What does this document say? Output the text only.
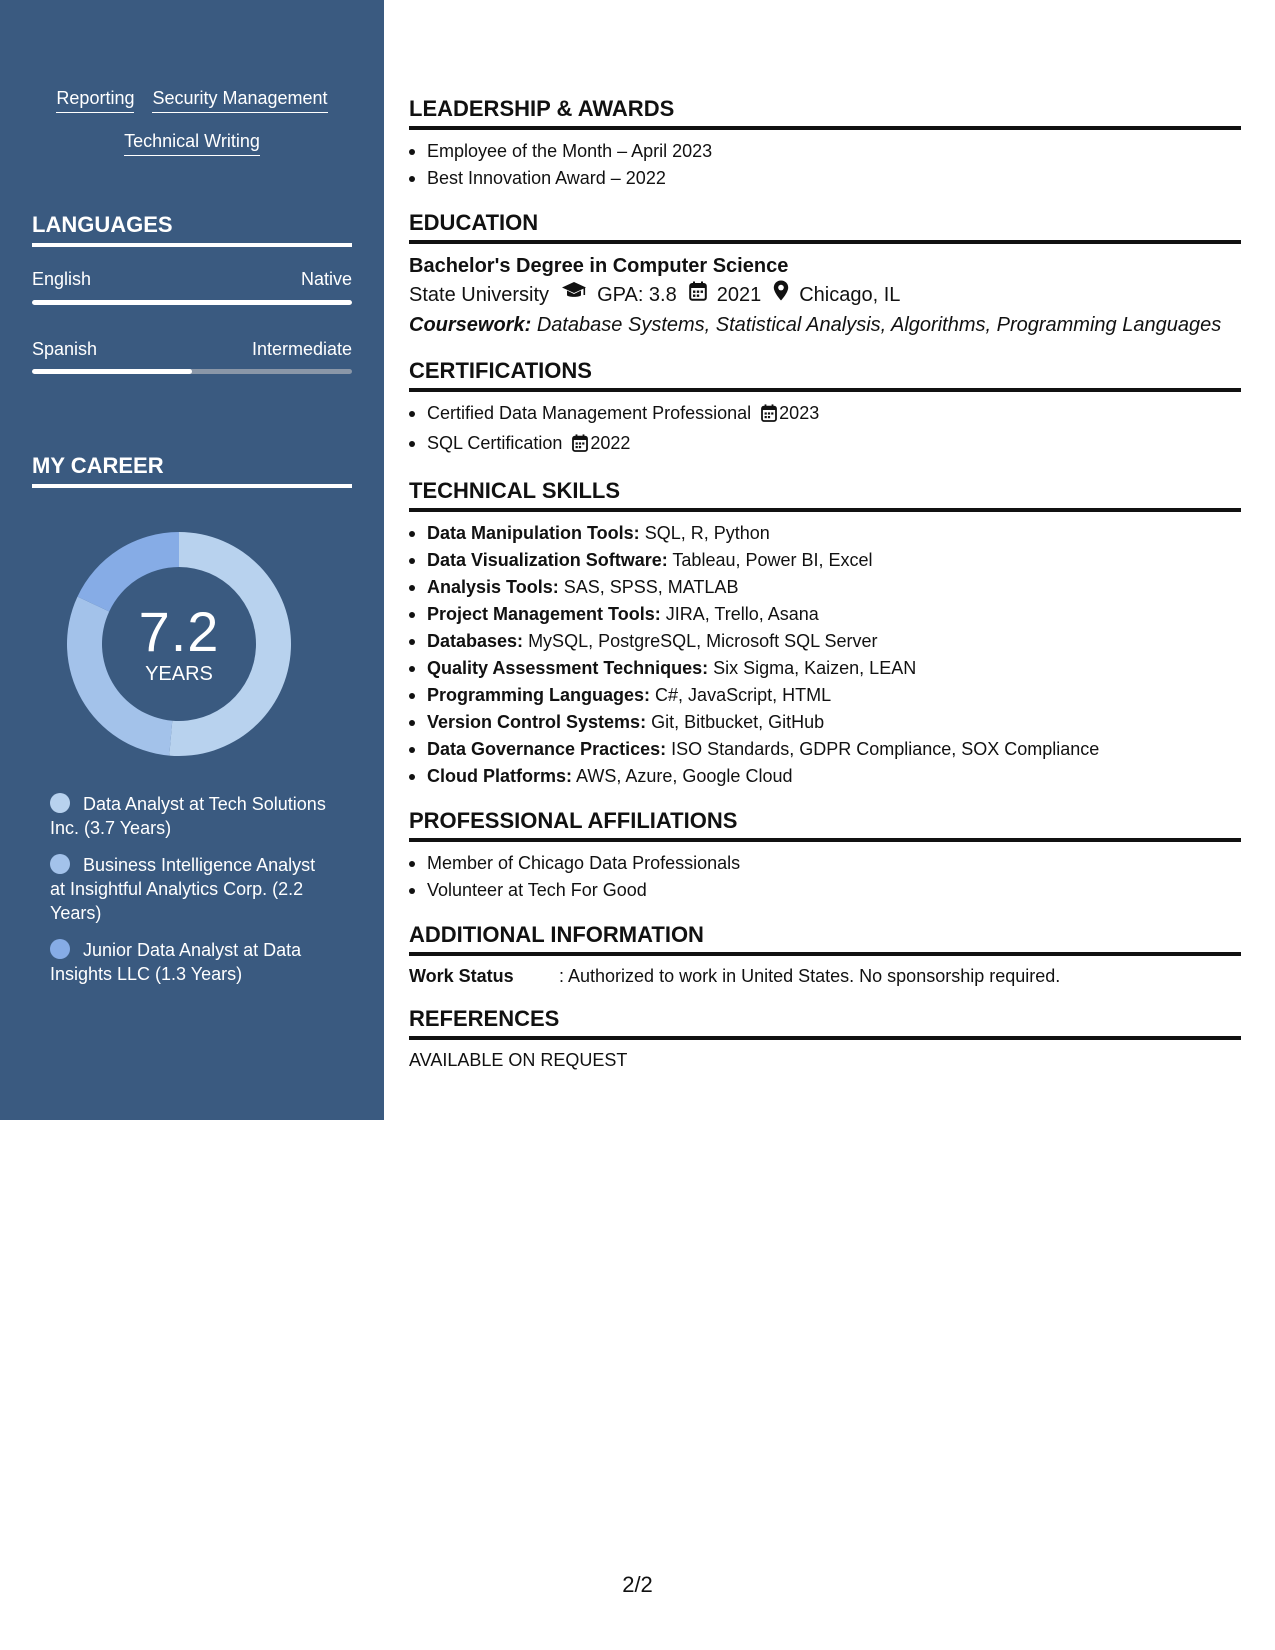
Reporting Security Management
Technical Writing
LANGUAGES
English	Native
Spanish	Intermediate
MY CAREER
7.2
YEARS
Data Analyst at Tech Solutions Inc. (3.7 Years)
Business Intelligence Analyst at Insightful Analytics Corp. (2.2 Years)
Junior Data Analyst at Data Insights LLC (1.3 Years)
LEADERSHIP & AWARDS
Employee of the Month – April 2023
Best Innovation Award – 2022
EDUCATION
Bachelor's Degree in Computer Science
State University GPA: 3.8 2021 Chicago, IL
Coursework: Database Systems, Statistical Analysis, Algorithms, Programming Languages
CERTIFICATIONS
Certified Data Management Professional 2023
SQL Certification 2022
TECHNICAL SKILLS
Data Manipulation Tools: SQL, R, Python
Data Visualization Software: Tableau, Power BI, Excel
Analysis Tools: SAS, SPSS, MATLAB
Project Management Tools: JIRA, Trello, Asana
Databases: MySQL, PostgreSQL, Microsoft SQL Server
Quality Assessment Techniques: Six Sigma, Kaizen, LEAN
Programming Languages: C#, JavaScript, HTML
Version Control Systems: Git, Bitbucket, GitHub
Data Governance Practices: ISO Standards, GDPR Compliance, SOX Compliance
Cloud Platforms: AWS, Azure, Google Cloud
PROFESSIONAL AFFILIATIONS
Member of Chicago Data Professionals
Volunteer at Tech For Good
ADDITIONAL INFORMATION
Work Status	: Authorized to work in United States. No sponsorship required.
REFERENCES
AVAILABLE ON REQUEST
2/2
